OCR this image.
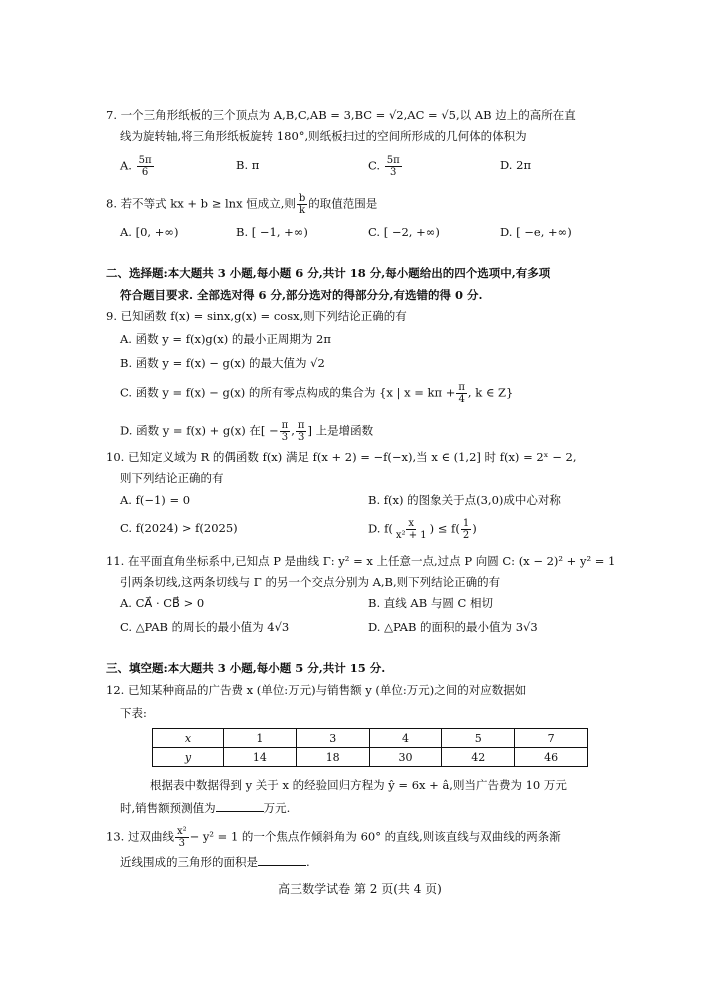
7. 一个三角形纸板的三个顶点为 A,B,C,AB = 3,BC = √2,AC = √5,以 AB 边上的高所在直
线为旋转轴,将三角形纸板旋转 180°,则纸板扫过的空间所形成的几何体的体积为
A. $\frac{5\pi}{6}$	B. π	C. $\frac{5\pi}{3}$	D. 2π
8. 若不等式 kx + b ≥ lnx 恒成立,则 $\frac{b}{k}$ 的取值范围是
A. [0, +∞)	B. [ −1, +∞)	C. [ −2, +∞)	D. [ −e, +∞)
二、选择题:本大题共 3 小题,每小题 6 分,共计 18 分,每小题给出的四个选项中,有多项
符合题目要求. 全部选对得 6 分,部分选对的得部分分,有选错的得 0 分.
9. 已知函数 f(x) = sinx,g(x) = cosx,则下列结论正确的有
A. 函数 y = f(x)g(x) 的最小正周期为 2π
B. 函数 y = f(x) − g(x) 的最大值为 √2
C. 函数 y = f(x) − g(x) 的所有零点构成的集合为 {x | $x = k\pi + \frac{\pi}{4}$ , k ∈ Z}
D. 函数 y = f(x) + g(x) 在[ − $\frac{\pi}{3}$ , $\frac{\pi}{3}$ ] 上是增函数
10. 已知定义域为 R 的偶函数 f(x) 满足 f(x + 2) = −f(−x),当 x ∈ (1,2] 时 f(x) = 2ˣ − 2,
则下列结论正确的有
A. f(−1) = 0	B. f(x) 的图象关于点(3,0)成中心对称
C. f(2024) > f(2025)	D. $f( \frac{x}{\text{x² + 1}}$ ) ≤ $f( \frac{1}{2}$ )
11. 在平面直角坐标系中,已知点 P 是曲线 Γ: y² = x 上任意一点,过点 P 向圆 C: (x − 2)² + y² = 1
引两条切线,这两条切线与 Γ 的另一个交点分别为 A,B,则下列结论正确的有
A. CA⃗ · CB⃗ > 0	B. 直线 AB 与圆 C 相切
C. △PAB 的周长的最小值为 4√3	D. △PAB 的面积的最小值为 3√3
三、填空题:本大题共 3 小题,每小题 5 分,共计 15 分.
12. 已知某种商品的广告费 x (单位:万元)与销售额 y (单位:万元)之间的对应数据如
下表:
x	1	3	4	5	7
y	14	18	30	42	46
根据表中数据得到 y 关于 x 的经验回归方程为 ŷ = 6x + â,则当广告费为 10 万元
时,销售额预测值为	万元.
13. 过双曲线 $\frac{\text{x²}}{3} - y^2 = 1$ 的一个焦点作倾斜角为 60° 的直线,则该直线与双曲线的两条渐
近线围成的三角形的面积是	.
高三数学试卷 第 2 页(共 4 页)
